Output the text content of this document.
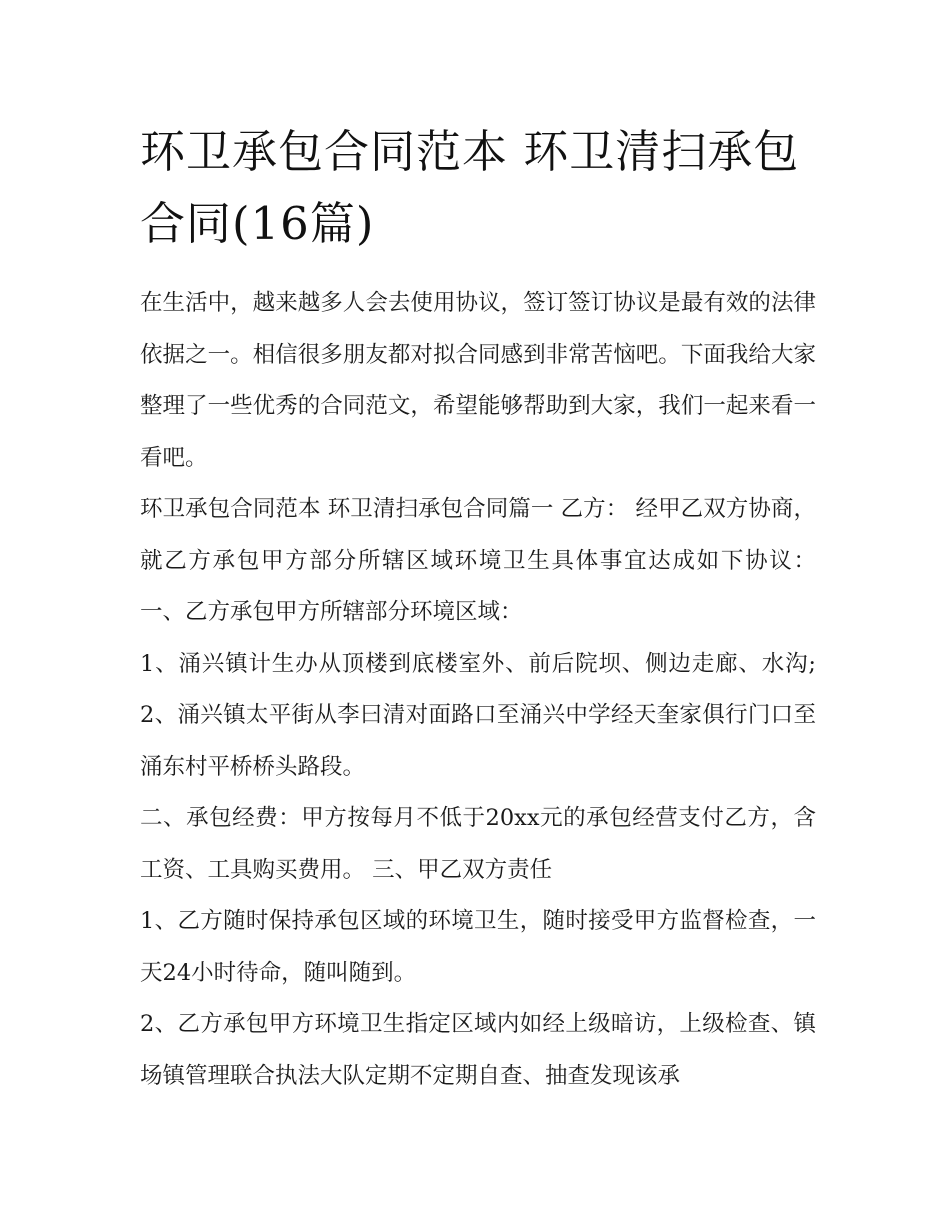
环卫承包合同范本 环卫清扫承包合同(16篇)

在生活中，越来越多人会去使用协议，签订签订协议是最有效的法律依据之一。相信很多朋友都对拟合同感到非常苦恼吧。下面我给大家整理了一些优秀的合同范文，希望能够帮助到大家，我们一起来看一看吧。

环卫承包合同范本 环卫清扫承包合同篇一 乙方： 经甲乙双方协商，就乙方承包甲方部分所辖区域环境卫生具体事宜达成如下协议： 一、乙方承包甲方所辖部分环境区域：

1、涌兴镇计生办从顶楼到底楼室外、前后院坝、侧边走廊、水沟; 2、涌兴镇太平街从李曰清对面路口至涌兴中学经天奎家俱行门口至涌东村平桥桥头路段。

二、承包经费：甲方按每月不低于20xx元的承包经营支付乙方，含工资、工具购买费用。 三、甲乙双方责任

1、乙方随时保持承包区域的环境卫生，随时接受甲方监督检查，一天24小时待命，随叫随到。

2、乙方承包甲方环境卫生指定区域内如经上级暗访，上级检查、镇场镇管理联合执法大队定期不定期自查、抽查发现该承
